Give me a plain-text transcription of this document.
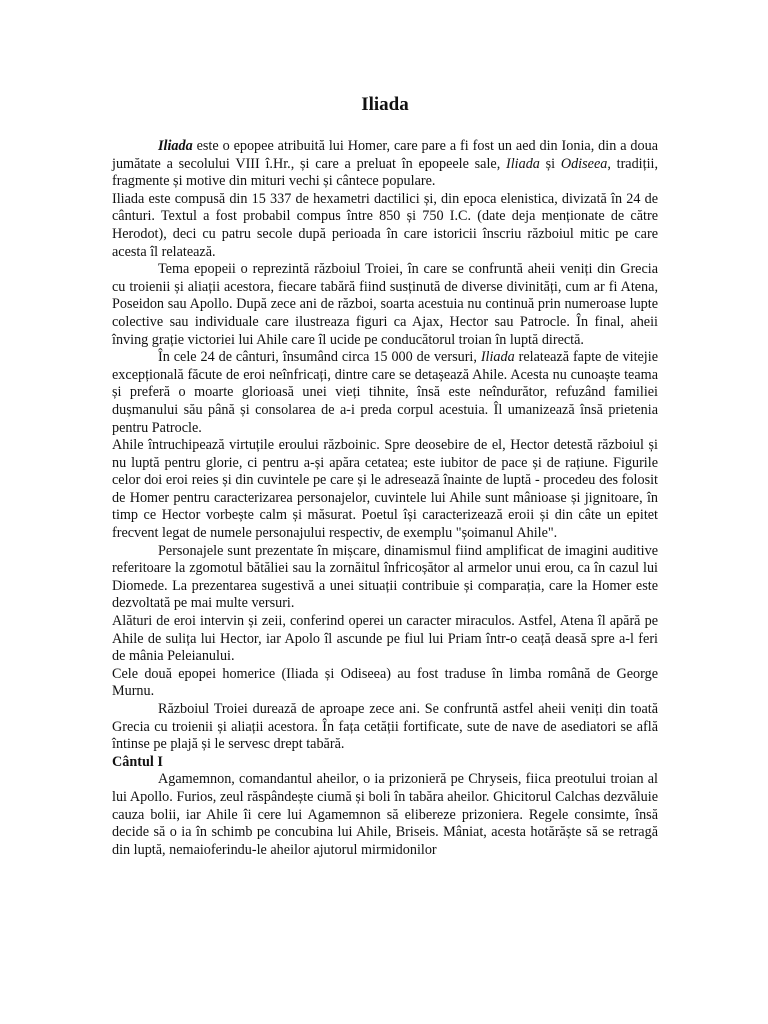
Iliada

Iliada este o epopee atribuită lui Homer, care pare a fi fost un aed din Ionia, din a doua jumătate a secolului VIII î.Hr., și care a preluat în epopeele sale, Iliada și Odiseea, tradiții, fragmente și motive din mituri vechi și cântece populare.

Iliada este compusă din 15 337 de hexametri dactilici și, din epoca elenistica, divizată în 24 de cânturi. Textul a fost probabil compus între 850 și 750 I.C. (date deja menționate de către Herodot), deci cu patru secole după perioada în care istoricii înscriu războiul mitic pe care acesta îl relatează.

Tema epopeii o reprezintă războiul Troiei, în care se confruntă aheii veniți din Grecia cu troienii și aliații acestora, fiecare tabără fiind susținută de diverse divinități, cum ar fi Atena, Poseidon sau Apollo. După zece ani de război, soarta acestuia nu continuă prin numeroase lupte colective sau individuale care ilustreaza figuri ca Ajax, Hector sau Patrocle. În final, aheii înving grație victoriei lui Ahile care îl ucide pe conducătorul troian în luptă directă.

În cele 24 de cânturi, însumând circa 15 000 de versuri, Iliada relatează fapte de vitejie excepțională făcute de eroi neînfricați, dintre care se detașează Ahile. Acesta nu cunoaște teama și preferă o moarte glorioasă unei vieți tihnite, însă este neîndurător, refuzând familiei dușmanului său până și consolarea de a-i preda corpul acestuia. Îl umanizează însă prietenia pentru Patrocle.

Ahile întruchipează virtuțile eroului războinic. Spre deosebire de el, Hector detestă războiul și nu luptă pentru glorie, ci pentru a-și apăra cetatea; este iubitor de pace și de rațiune. Figurile celor doi eroi reies și din cuvintele pe care și le adresează înainte de luptă - procedeu des folosit de Homer pentru caracterizarea personajelor, cuvintele lui Ahile sunt mânioase și jignitoare, în timp ce Hector vorbește calm și măsurat. Poetul își caracterizează eroii și din câte un epitet frecvent legat de numele personajului respectiv, de exemplu "șoimanul Ahile".

Personajele sunt prezentate în mișcare, dinamismul fiind amplificat de imagini auditive referitoare la zgomotul bătăliei sau la zornăitul înfricoșător al armelor unui erou, ca în cazul lui Diomede. La prezentarea sugestivă a unei situații contribuie și comparația, care la Homer este dezvoltată pe mai multe versuri.

Alături de eroi intervin și zeii, conferind operei un caracter miraculos. Astfel, Atena îl apără pe Ahile de sulița lui Hector, iar Apolo îl ascunde pe fiul lui Priam într-o ceață deasă spre a-l feri de mânia Peleianului.

Cele două epopei homerice (Iliada și Odiseea) au fost traduse în limba română de George Murnu.

Războiul Troiei durează de aproape zece ani. Se confruntă astfel aheii veniți din toată Grecia cu troienii și aliații acestora. În fața cetății fortificate, sute de nave de asediatori se află întinse pe plajă și le servesc drept tabără.

Cântul I

Agamemnon, comandantul aheilor, o ia prizonieră pe Chryseis, fiica preotului troian al lui Apollo. Furios, zeul răspândește ciumă și boli în tabăra aheilor. Ghicitorul Calchas dezvăluie cauza bolii, iar Ahile îi cere lui Agamemnon să elibereze prizoniera. Regele consimte, însă decide să o ia în schimb pe concubina lui Ahile, Briseis. Mâniat, acesta hotărăște să se retragă din luptă, nemaioferindu-le aheilor ajutorul mirmidonilor
